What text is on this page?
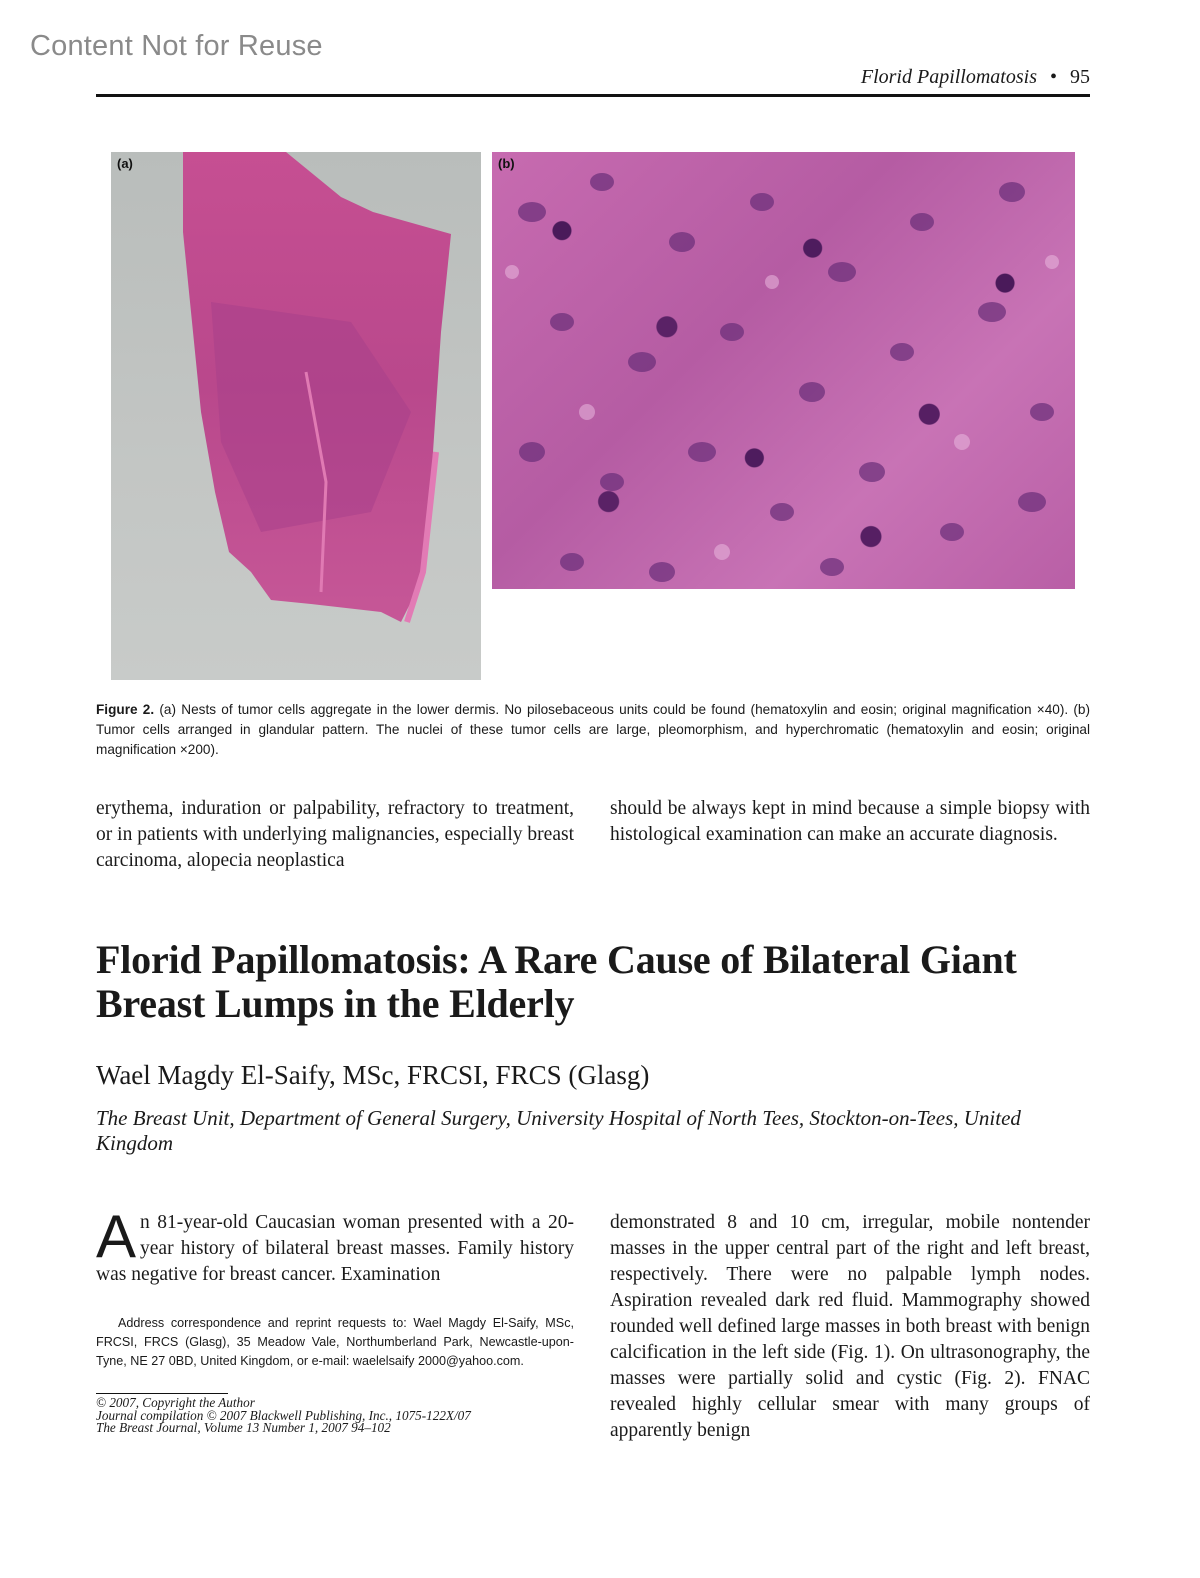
Content Not for Reuse
Florid Papillomatosis • 95
(a)	(b)
Figure 2. (a) Nests of tumor cells aggregate in the lower dermis. No pilosebaceous units could be found (hematoxylin and eosin; original magnification ×40). (b) Tumor cells arranged in glandular pattern. The nuclei of these tumor cells are large, pleomorphism, and hyperchromatic (hematoxylin and eosin; original magnification ×200).
erythema, induration or palpability, refractory to treatment, or in patients with underlying malignancies, especially breast carcinoma, alopecia neoplastica
should be always kept in mind because a simple biopsy with histological examination can make an accurate diagnosis.
Florid Papillomatosis: A Rare Cause of Bilateral Giant
Breast Lumps in the Elderly
Wael Magdy El-Saify, MSc, FRCSI, FRCS (Glasg)
The Breast Unit, Department of General Surgery, University Hospital of North Tees, Stockton-on-Tees, United Kingdom
An 81-year-old Caucasian woman presented with a 20-year history of bilateral breast masses. Family history was negative for breast cancer. Examination
Address correspondence and reprint requests to: Wael Magdy El-Saify, MSc, FRCSI, FRCS (Glasg), 35 Meadow Vale, Northumberland Park, Newcastle-upon-Tyne, NE 27 0BD, United Kingdom, or e-mail: waelelsaify 2000@yahoo.com.
© 2007, Copyright the Author
Journal compilation © 2007 Blackwell Publishing, Inc., 1075-122X/07
The Breast Journal, Volume 13 Number 1, 2007 94–102
demonstrated 8 and 10 cm, irregular, mobile nontender masses in the upper central part of the right and left breast, respectively. There were no palpable lymph nodes. Aspiration revealed dark red fluid. Mammography showed rounded well defined large masses in both breast with benign calcification in the left side (Fig. 1). On ultrasonography, the masses were partially solid and cystic (Fig. 2). FNAC revealed highly cellular smear with many groups of apparently benign
